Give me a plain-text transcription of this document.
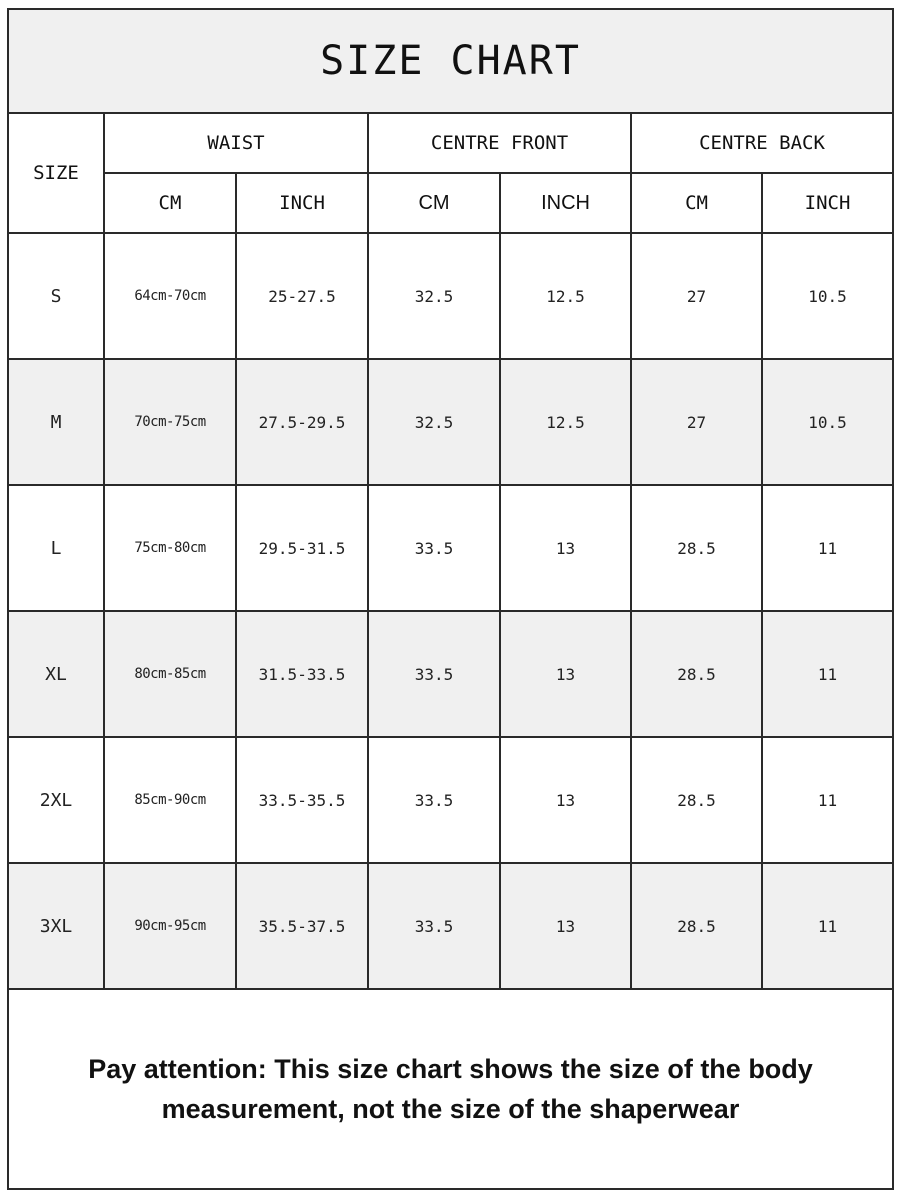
SIZE CHART
SIZE	WAIST		CENTRE FRONT		CENTRE BACK	
	CM	INCH	CM	INCH	CM	INCH
S	64cm-70cm	25-27.5	32.5	12.5	27	10.5
M	70cm-75cm	27.5-29.5	32.5	12.5	27	10.5
L	75cm-80cm	29.5-31.5	33.5	13	28.5	11
XL	80cm-85cm	31.5-33.5	33.5	13	28.5	11
2XL	85cm-90cm	33.5-35.5	33.5	13	28.5	11
3XL	90cm-95cm	35.5-37.5	33.5	13	28.5	11
Pay attention: This size chart shows the size of the body
measurement, not the size of the shaperwear
